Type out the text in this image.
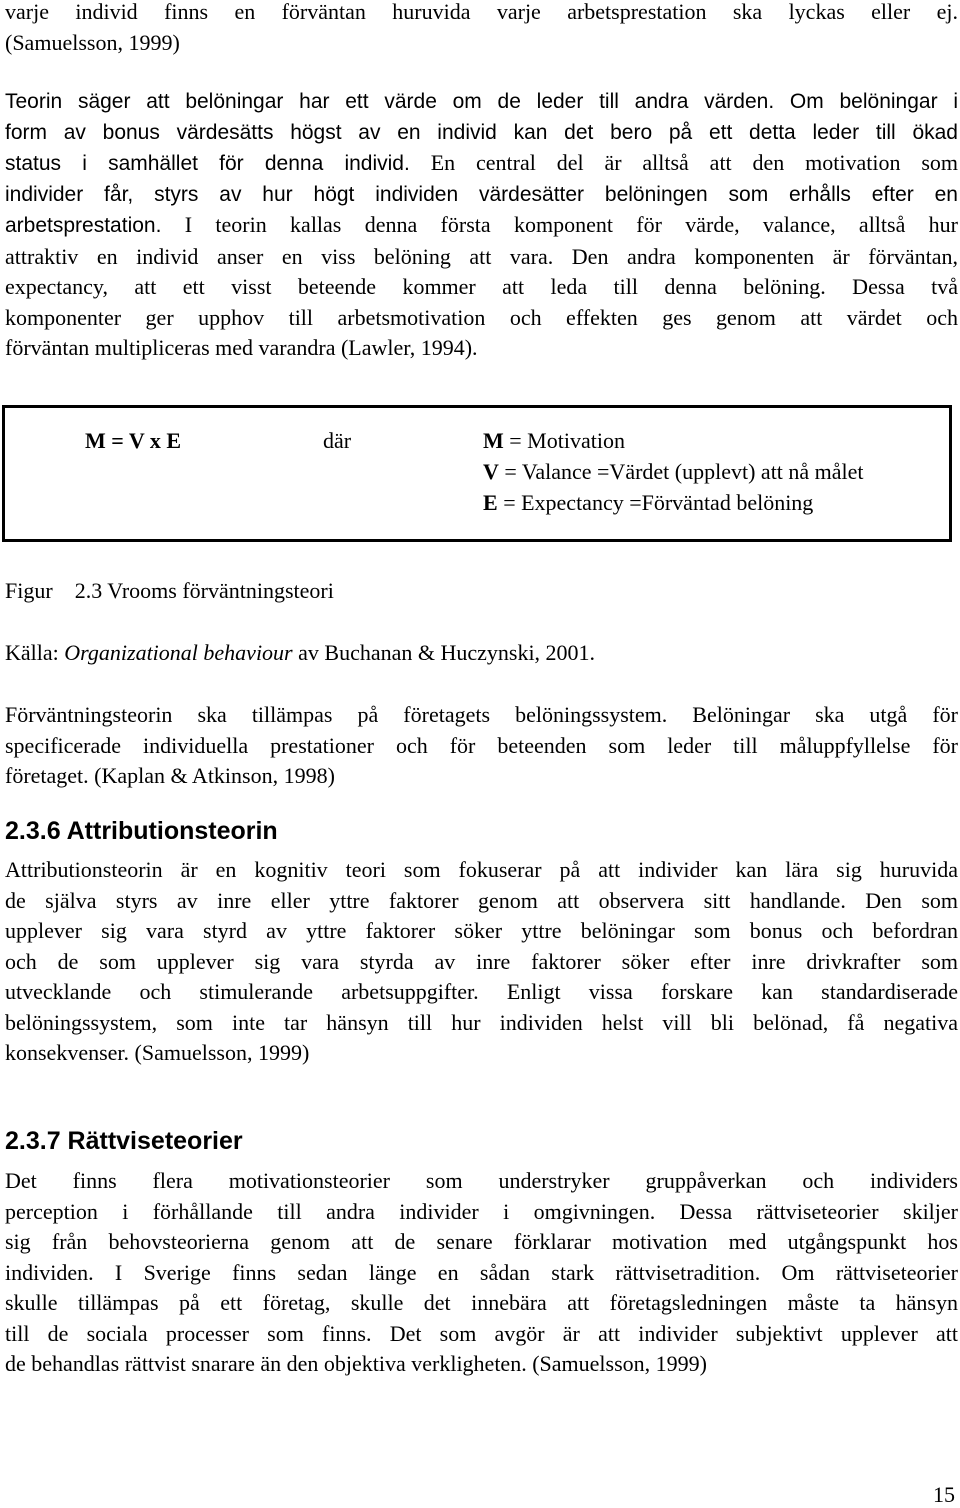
varje individ finns en förväntan huruvida varje arbetsprestation ska lyckas eller ej.
(Samuelsson, 1999)
Teorin säger att belöningar har ett värde om de leder till andra värden. Om belöningar i
form av bonus värdesätts högst av en individ kan det bero på ett detta leder till ökad
status i samhället för denna individ. En central del är alltså att den motivation som
individer får, styrs av hur högt individen värdesätter belöningen som erhålls efter en
arbetsprestation. I teorin kallas denna första komponent för värde, valance, alltså hur
attraktiv en individ anser en viss belöning att vara. Den andra komponenten är förväntan,
expectancy, att ett visst beteende kommer att leda till denna belöning. Dessa två
komponenter ger upphov till arbetsmotivation och effekten ges genom att värdet och
förväntan multipliceras med varandra (Lawler, 1994).
M = V x E	där	M = Motivation
V = Valance =Värdet (upplevt) att nå målet
E = Expectancy =Förväntad belöning
Figur 2.3 Vrooms förväntningsteori
Källa: Organizational behaviour av Buchanan & Huczynski, 2001.
Förväntningsteorin ska tillämpas på företagets belöningssystem. Belöningar ska utgå för
specificerade individuella prestationer och för beteenden som leder till måluppfyllelse för
företaget. (Kaplan & Atkinson, 1998)
2.3.6 Attributionsteorin
Attributionsteorin är en kognitiv teori som fokuserar på att individer kan lära sig huruvida
de själva styrs av inre eller yttre faktorer genom att observera sitt handlande. Den som
upplever sig vara styrd av yttre faktorer söker yttre belöningar som bonus och befordran
och de som upplever sig vara styrda av inre faktorer söker efter inre drivkrafter som
utvecklande och stimulerande arbetsuppgifter. Enligt vissa forskare kan standardiserade
belöningssystem, som inte tar hänsyn till hur individen helst vill bli belönad, få negativa
konsekvenser. (Samuelsson, 1999)
2.3.7 Rättviseteorier
Det finns flera motivationsteorier som understryker gruppåverkan och individers
perception i förhållande till andra individer i omgivningen. Dessa rättviseteorier skiljer
sig från behovsteorierna genom att de senare förklarar motivation med utgångspunkt hos
individen. I Sverige finns sedan länge en sådan stark rättvisetradition. Om rättviseteorier
skulle tillämpas på ett företag, skulle det innebära att företagsledningen måste ta hänsyn
till de sociala processer som finns. Det som avgör är att individer subjektivt upplever att
de behandlas rättvist snarare än den objektiva verkligheten. (Samuelsson, 1999)
15
